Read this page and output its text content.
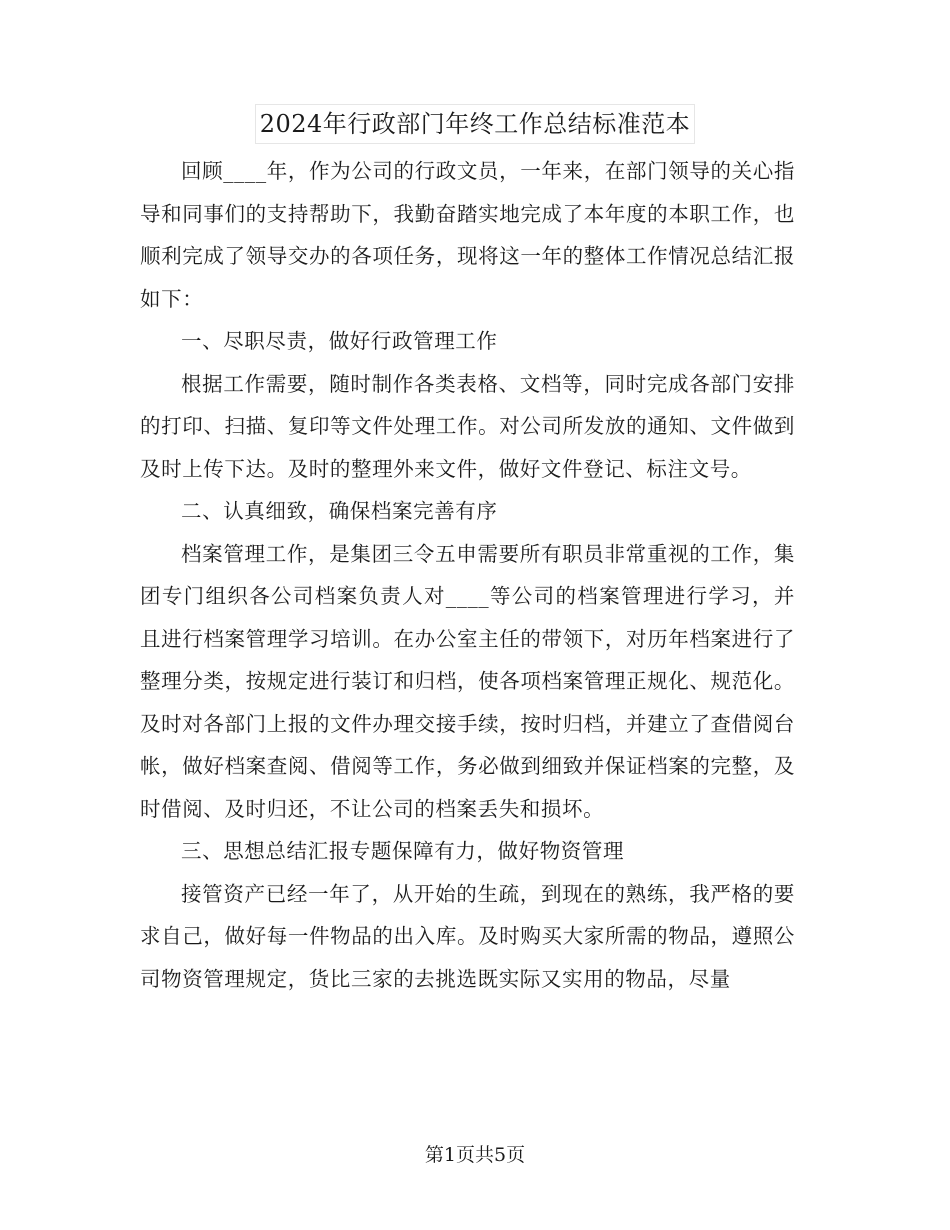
2024年行政部门年终工作总结标准范本

回顾____年，作为公司的行政文员，一年来，在部门领导的关心指导和同事们的支持帮助下，我勤奋踏实地完成了本年度的本职工作，也顺利完成了领导交办的各项任务，现将这一年的整体工作情况总结汇报如下：

一、尽职尽责，做好行政管理工作

根据工作需要，随时制作各类表格、文档等，同时完成各部门安排的打印、扫描、复印等文件处理工作。对公司所发放的通知、文件做到及时上传下达。及时的整理外来文件，做好文件登记、标注文号。

二、认真细致，确保档案完善有序

档案管理工作，是集团三令五申需要所有职员非常重视的工作，集团专门组织各公司档案负责人对____等公司的档案管理进行学习，并且进行档案管理学习培训。在办公室主任的带领下，对历年档案进行了整理分类，按规定进行装订和归档，使各项档案管理正规化、规范化。及时对各部门上报的文件办理交接手续，按时归档，并建立了查借阅台帐，做好档案查阅、借阅等工作，务必做到细致并保证档案的完整，及时借阅、及时归还，不让公司的档案丢失和损坏。

三、思想总结汇报专题保障有力，做好物资管理

接管资产已经一年了，从开始的生疏，到现在的熟练，我严格的要求自己，做好每一件物品的出入库。及时购买大家所需的物品，遵照公司物资管理规定，货比三家的去挑选既实际又实用的物品，尽量

第1页共5页
